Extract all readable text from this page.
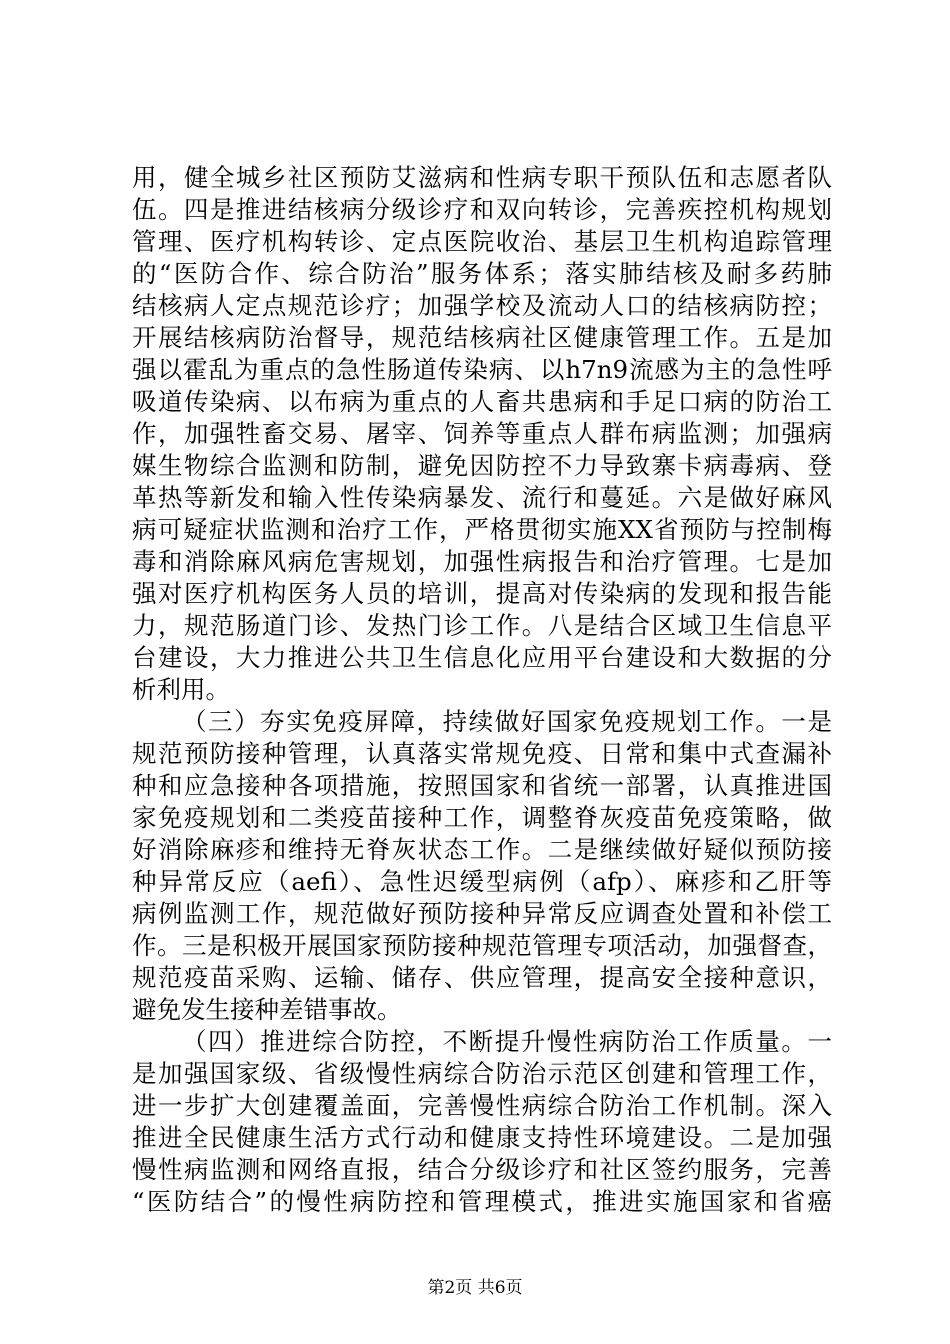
用，健全城乡社区预防艾滋病和性病专职干预队伍和志愿者队
伍。四是推进结核病分级诊疗和双向转诊，完善疾控机构规划
管理、医疗机构转诊、定点医院收治、基层卫生机构追踪管理
的“医防合作、综合防治”服务体系；落实肺结核及耐多药肺
结核病人定点规范诊疗；加强学校及流动人口的结核病防控；
开展结核病防治督导，规范结核病社区健康管理工作。五是加
强以霍乱为重点的急性肠道传染病、以h7n9流感为主的急性呼
吸道传染病、以布病为重点的人畜共患病和手足口病的防治工
作，加强牲畜交易、屠宰、饲养等重点人群布病监测；加强病
媒生物综合监测和防制，避免因防控不力导致寨卡病毒病、登
革热等新发和输入性传染病暴发、流行和蔓延。六是做好麻风
病可疑症状监测和治疗工作，严格贯彻实施XX省预防与控制梅
毒和消除麻风病危害规划，加强性病报告和治疗管理。七是加
强对医疗机构医务人员的培训，提高对传染病的发现和报告能
力，规范肠道门诊、发热门诊工作。八是结合区域卫生信息平
台建设，大力推进公共卫生信息化应用平台建设和大数据的分
析利用。
（三）夯实免疫屏障，持续做好国家免疫规划工作。一是
规范预防接种管理，认真落实常规免疫、日常和集中式查漏补
种和应急接种各项措施，按照国家和省统一部署，认真推进国
家免疫规划和二类疫苗接种工作，调整脊灰疫苗免疫策略，做
好消除麻疹和维持无脊灰状态工作。二是继续做好疑似预防接
种异常反应（aefi）、急性迟缓型病例（afp）、麻疹和乙肝等
病例监测工作，规范做好预防接种异常反应调查处置和补偿工
作。三是积极开展国家预防接种规范管理专项活动，加强督查，
规范疫苗采购、运输、储存、供应管理，提高安全接种意识，
避免发生接种差错事故。
（四）推进综合防控，不断提升慢性病防治工作质量。一
是加强国家级、省级慢性病综合防治示范区创建和管理工作，
进一步扩大创建覆盖面，完善慢性病综合防治工作机制。深入
推进全民健康生活方式行动和健康支持性环境建设。二是加强
慢性病监测和网络直报，结合分级诊疗和社区签约服务，完善
“医防结合”的慢性病防控和管理模式，推进实施国家和省癌
第2页 共6页
